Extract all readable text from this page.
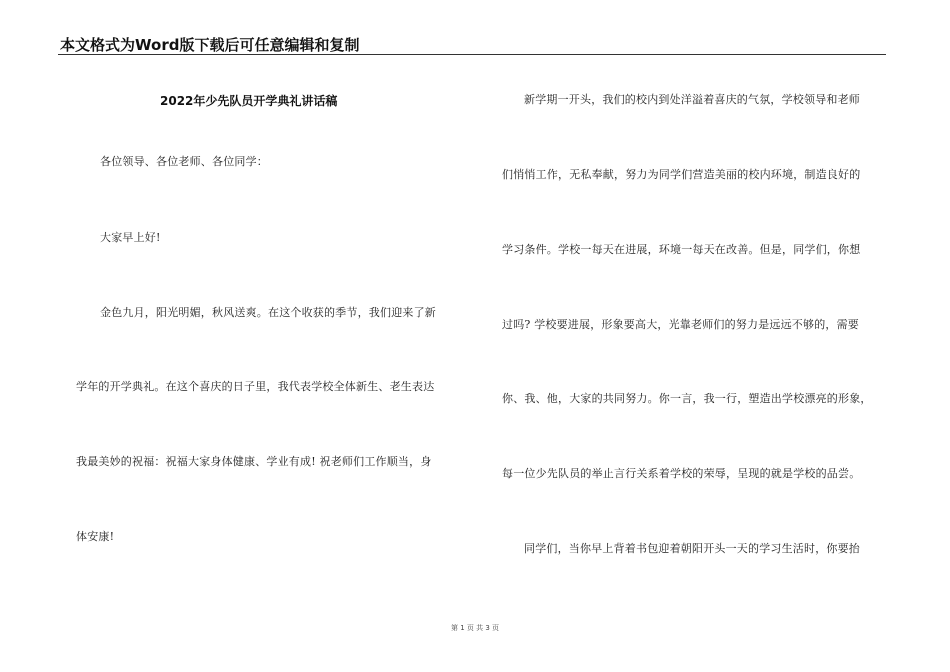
本文格式为Word版下载后可任意编辑和复制
2022年少先队员开学典礼讲话稿
各位领导、各位老师、各位同学：
大家早上好!
金色九月，阳光明媚，秋风送爽。在这个收获的季节，我们迎来了新
学年的开学典礼。在这个喜庆的日子里，我代表学校全体新生、老生表达
我最美妙的祝福：祝福大家身体健康、学业有成! 祝老师们工作顺当，身
体安康!
新学期一开头，我们的校内到处洋溢着喜庆的气氛，学校领导和老师
们悄悄工作，无私奉献，努力为同学们营造美丽的校内环境，制造良好的
学习条件。学校一每天在进展，环境一每天在改善。但是，同学们，你想
过吗? 学校要进展，形象要高大，光靠老师们的努力是远远不够的，需要
你、我、他，大家的共同努力。你一言，我一行，塑造出学校漂亮的形象，
每一位少先队员的举止言行关系着学校的荣辱，呈现的就是学校的品尝。
同学们，当你早上背着书包迎着朝阳开头一天的学习生活时，你要抬
第 1 页 共 3 页
